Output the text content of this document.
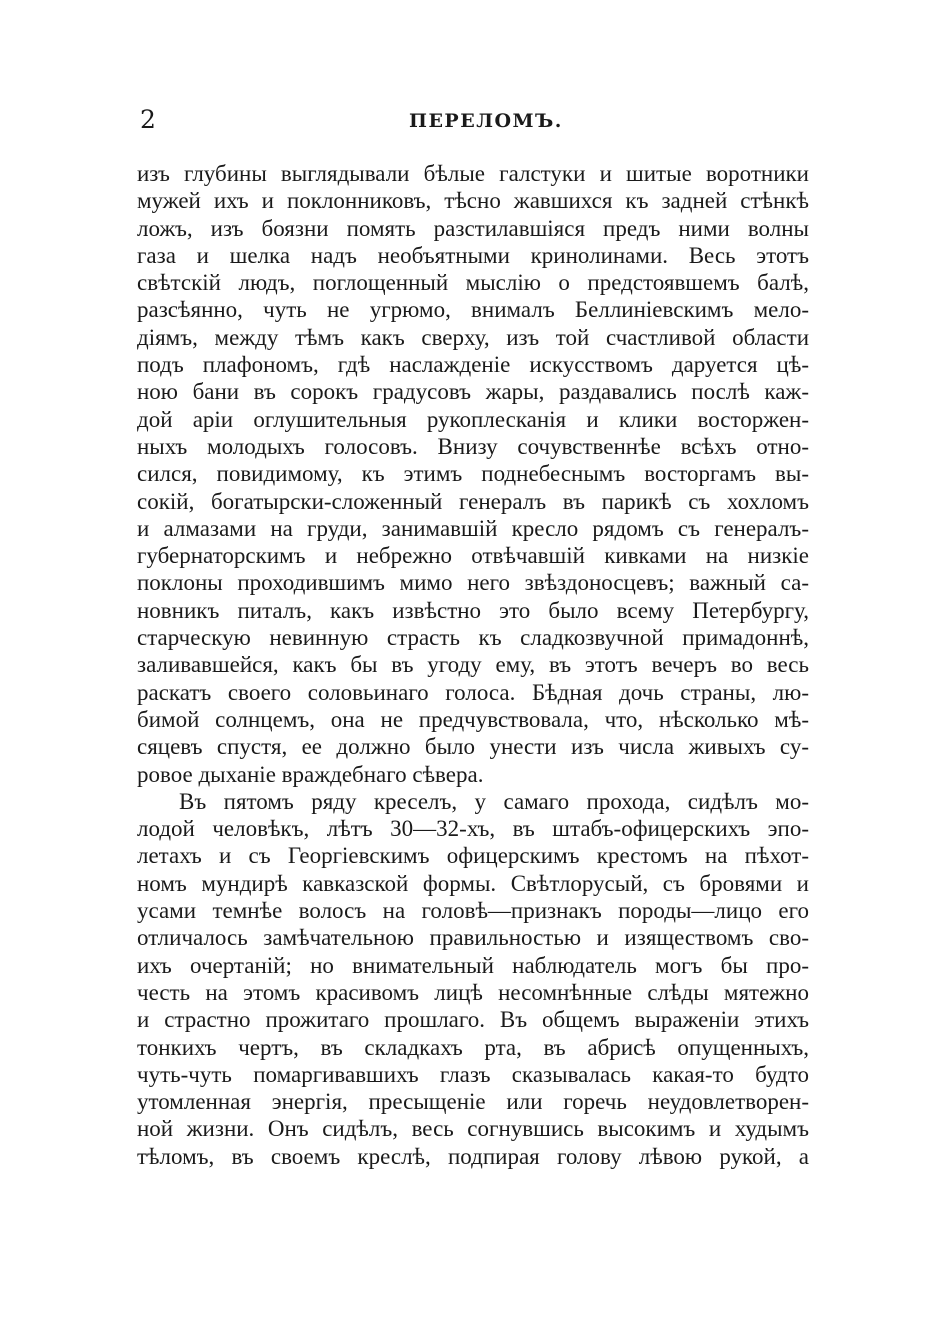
2	ПЕРЕЛОМЪ.
изъ глубины выглядывали бѣлые галстуки и шитые воротники
мужей ихъ и поклонниковъ, тѣсно жавшихся къ задней стѣнкѣ
ложъ, изъ боязни помять разстилавшіяся предъ ними волны
газа и шелка надъ необъятными кринолинами. Весь этотъ
свѣтскій людъ, поглощенный мыслію о предстоявшемъ балѣ,
разсѣянно, чуть не угрюмо, внималъ Беллиніевскимъ мело-
діямъ, между тѣмъ какъ сверху, изъ той счастливой области
подъ плафономъ, гдѣ наслажденіе искусствомъ даруется цѣ-
ною бани въ сорокъ градусовъ жары, раздавались послѣ каж-
дой аріи оглушительныя рукоплесканія и клики восторжен-
ныхъ молодыхъ голосовъ. Внизу сочувственнѣе всѣхъ отно-
сился, повидимому, къ этимъ поднебеснымъ восторгамъ вы-
сокій, богатырски-сложенный генералъ въ парикѣ съ хохломъ
и алмазами на груди, занимавшій кресло рядомъ съ генералъ-
губернаторскимъ и небрежно отвѣчавшій кивками на низкіе
поклоны проходившимъ мимо него звѣздоносцевъ; важный са-
новникъ питалъ, какъ извѣстно это было всему Петербургу,
старческую невинную страсть къ сладкозвучной примадоннѣ,
заливавшейся, какъ бы въ угоду ему, въ этотъ вечеръ во весь
раскатъ своего соловьинаго голоса. Бѣдная дочь страны, лю-
бимой солнцемъ, она не предчувствовала, что, нѣсколько мѣ-
сяцевъ спустя, ее должно было унести изъ числа живыхъ су-
ровое дыханіе враждебнаго сѣвера.
Въ пятомъ ряду креселъ, у самаго прохода, сидѣлъ мо-
лодой человѣкъ, лѣтъ 30—32-хъ, въ штабъ-офицерскихъ эпо-
летахъ и съ Георгіевскимъ офицерскимъ крестомъ на пѣхот-
номъ мундирѣ кавказской формы. Свѣтлорусый, съ бровями и
усами темнѣе волосъ на головѣ—признакъ породы—лицо его
отличалось замѣчательною правильностью и изяществомъ сво-
ихъ очертаній; но внимательный наблюдатель могъ бы про-
честь на этомъ красивомъ лицѣ несомнѣнные слѣды мятежно
и страстно прожитаго прошлаго. Въ общемъ выраженіи этихъ
тонкихъ чертъ, въ складкахъ рта, въ абрисѣ опущенныхъ,
чуть-чуть помаргивавшихъ глазъ сказывалась какая-то будто
утомленная энергія, пресыщеніе или горечь неудовлетворен-
ной жизни. Онъ сидѣлъ, весь согнувшись высокимъ и худымъ
тѣломъ, въ своемъ креслѣ, подпирая голову лѣвою рукой, а
